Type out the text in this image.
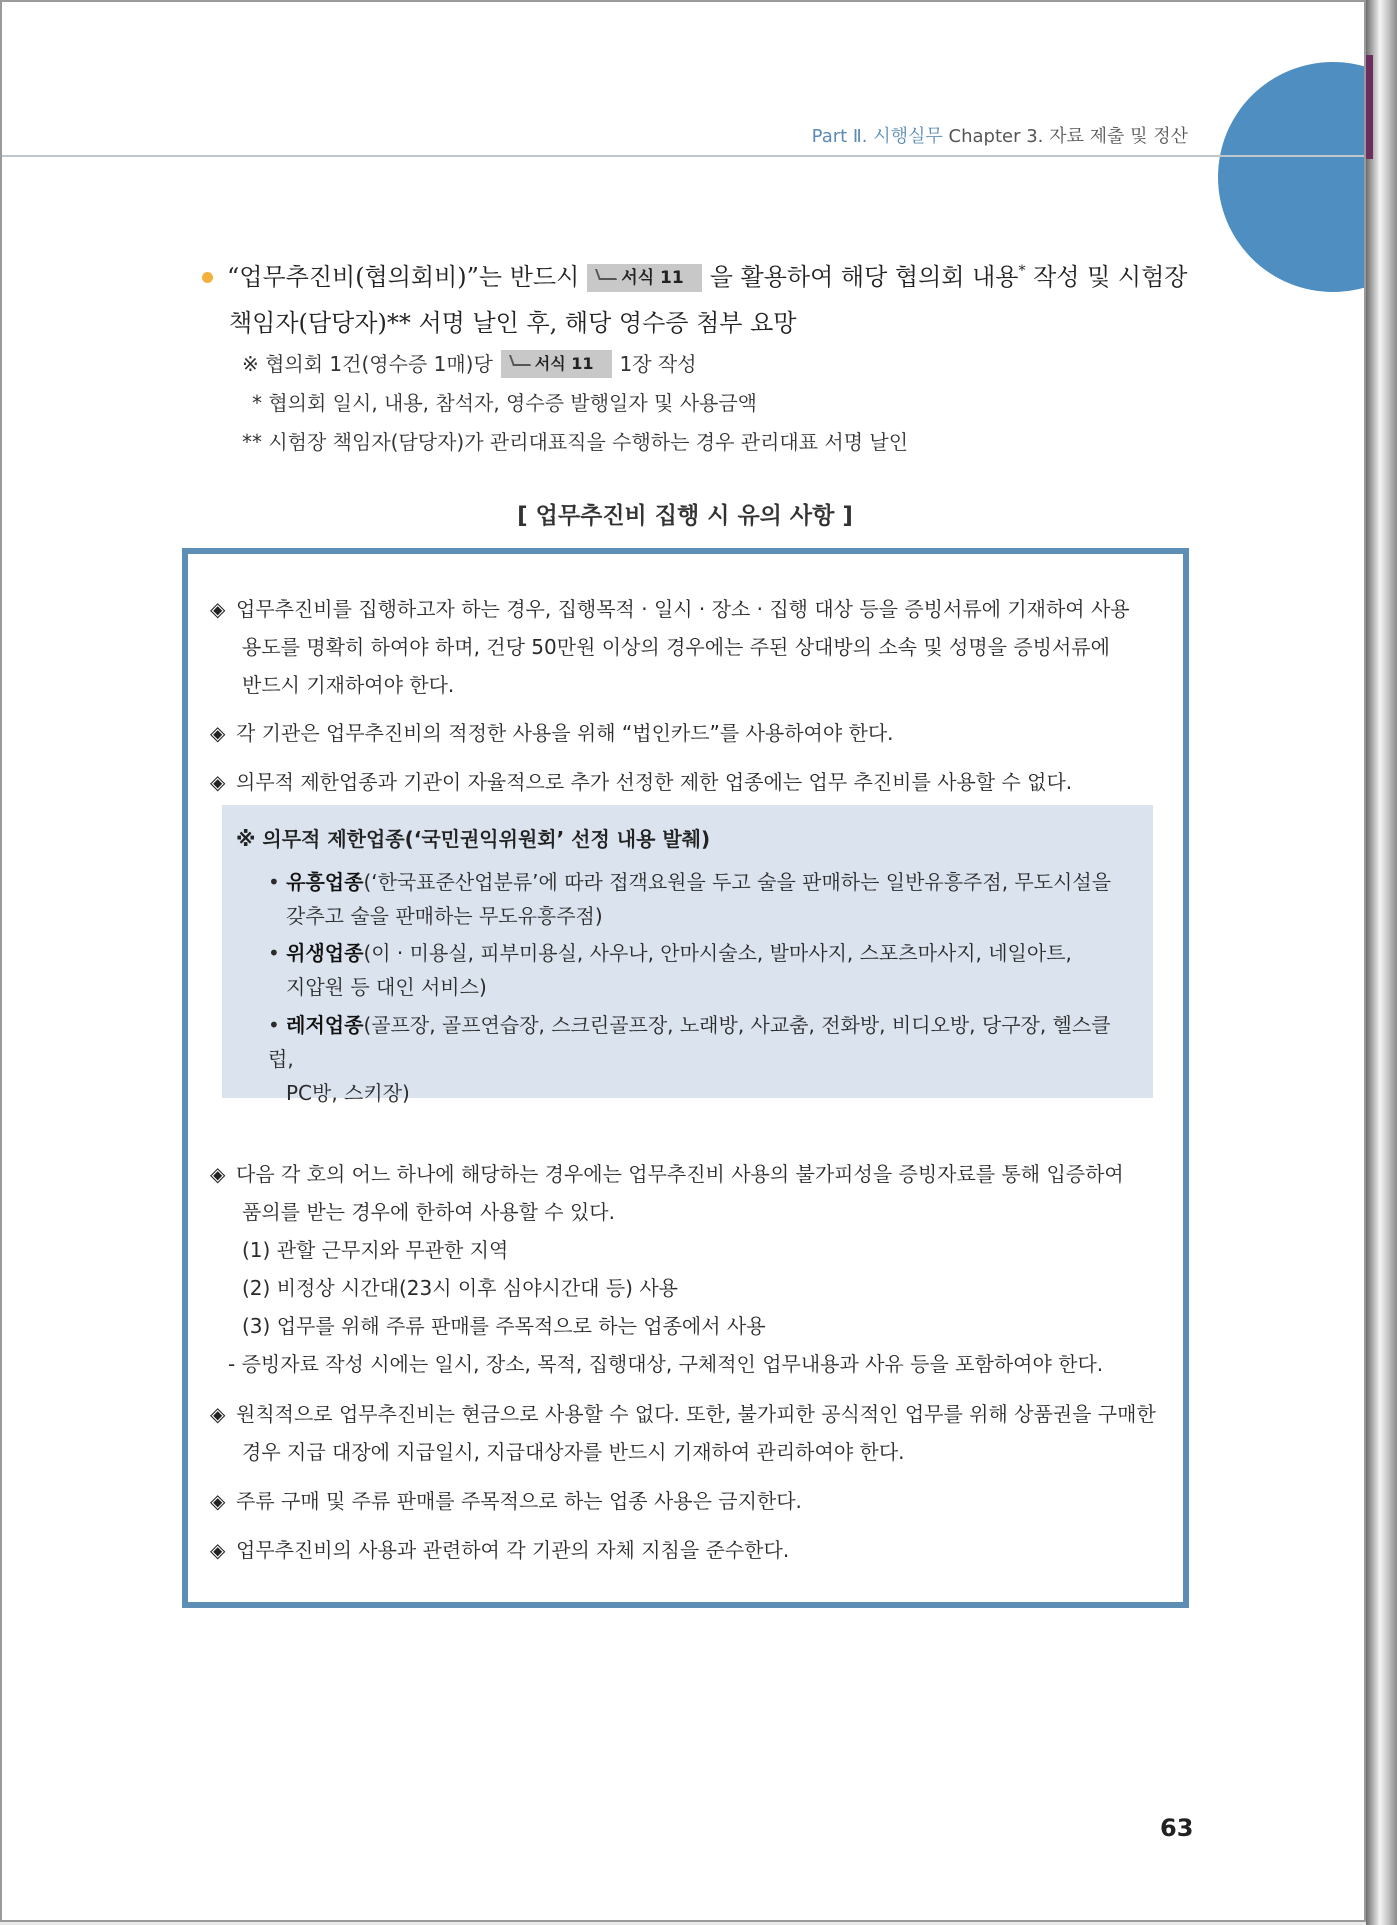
Part Ⅱ. 시행실무 Chapter 3. 자료 제출 및 정산
“업무추진비(협의회비)”는 반드시 서식 11 을 활용하여 해당 협의회 내용* 작성 및 시험장
책임자(담당자)** 서명 날인 후, 해당 영수증 첨부 요망
※ 협의회 1건(영수증 1매)당	서식 11 1장 작성
* 협의회 일시, 내용, 참석자, 영수증 발행일자 및 사용금액
** 시험장 책임자(담당자)가 관리대표직을 수행하는 경우 관리대표 서명 날인
[ 업무추진비 집행 시 유의 사항 ]
◈ 업무추진비를 집행하고자 하는 경우, 집행목적 · 일시 · 장소 · 집행 대상 등을 증빙서류에 기재하여 사용
용도를 명확히 하여야 하며, 건당 50만원 이상의 경우에는 주된 상대방의 소속 및 성명을 증빙서류에
반드시 기재하여야 한다.
◈ 각 기관은 업무추진비의 적정한 사용을 위해 “법인카드”를 사용하여야 한다.
◈ 의무적 제한업종과 기관이 자율적으로 추가 선정한 제한 업종에는 업무 추진비를 사용할 수 없다.
※ 의무적 제한업종(‘국민권익위원회’ 선정 내용 발췌)
• 유흥업종(‘한국표준산업분류’에 따라 접객요원을 두고 술을 판매하는 일반유흥주점, 무도시설을
갖추고 술을 판매하는 무도유흥주점)
• 위생업종(이 · 미용실, 피부미용실, 사우나, 안마시술소, 발마사지, 스포츠마사지, 네일아트,
지압원 등 대인 서비스)
• 레저업종(골프장, 골프연습장, 스크린골프장, 노래방, 사교춤, 전화방, 비디오방, 당구장, 헬스클럽,
PC방, 스키장)
◈ 다음 각 호의 어느 하나에 해당하는 경우에는 업무추진비 사용의 불가피성을 증빙자료를 통해 입증하여
품의를 받는 경우에 한하여 사용할 수 있다.
(1) 관할 근무지와 무관한 지역
(2) 비정상 시간대(23시 이후 심야시간대 등) 사용
(3) 업무를 위해 주류 판매를 주목적으로 하는 업종에서 사용
- 증빙자료 작성 시에는 일시, 장소, 목적, 집행대상, 구체적인 업무내용과 사유 등을 포함하여야 한다.
◈ 원칙적으로 업무추진비는 현금으로 사용할 수 없다. 또한, 불가피한 공식적인 업무를 위해 상품권을 구매한
경우 지급 대장에 지급일시, 지급대상자를 반드시 기재하여 관리하여야 한다.
◈ 주류 구매 및 주류 판매를 주목적으로 하는 업종 사용은 금지한다.
◈ 업무추진비의 사용과 관련하여 각 기관의 자체 지침을 준수한다.
63
